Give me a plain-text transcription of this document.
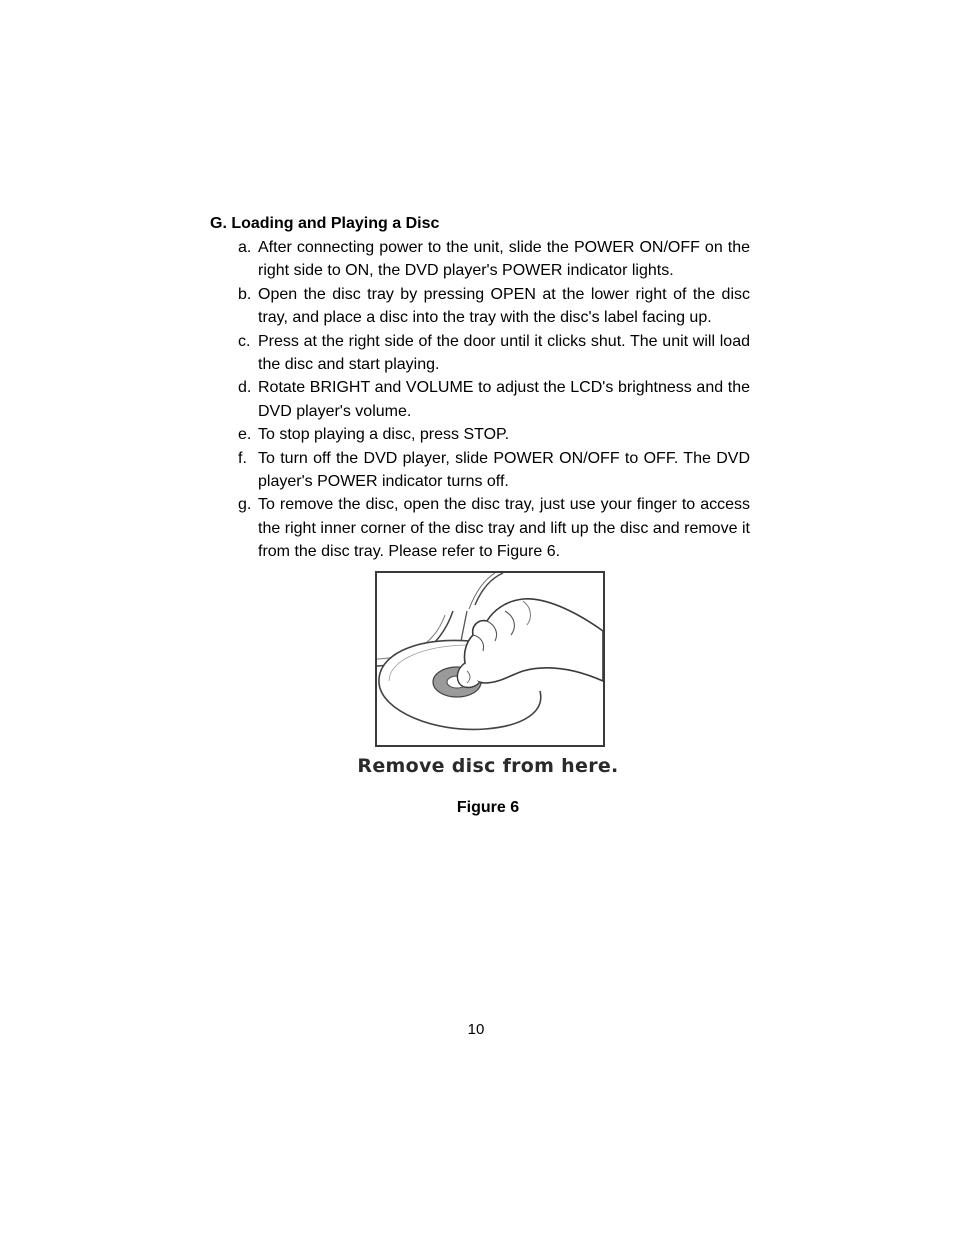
G. Loading and Playing a Disc
a. After connecting power to the unit, slide the POWER ON/OFF on the right side to ON, the DVD player's POWER indicator lights.
b. Open the disc tray by pressing OPEN at the lower right of the disc tray, and place a disc into the tray with the disc's label facing up.
c. Press at the right side of the door until it clicks shut. The unit will load the disc and start playing.
d. Rotate BRIGHT and VOLUME to adjust the LCD's brightness and the DVD player's volume.
e. To stop playing a disc, press STOP.
f. To turn off the DVD player, slide POWER ON/OFF to OFF. The DVD player's POWER indicator turns off.
g. To remove the disc, open the disc tray, just use your finger to access the right inner corner of the disc tray and lift up the disc and remove it from the disc tray. Please refer to Figure 6.
Remove disc from here.
Figure 6
10
